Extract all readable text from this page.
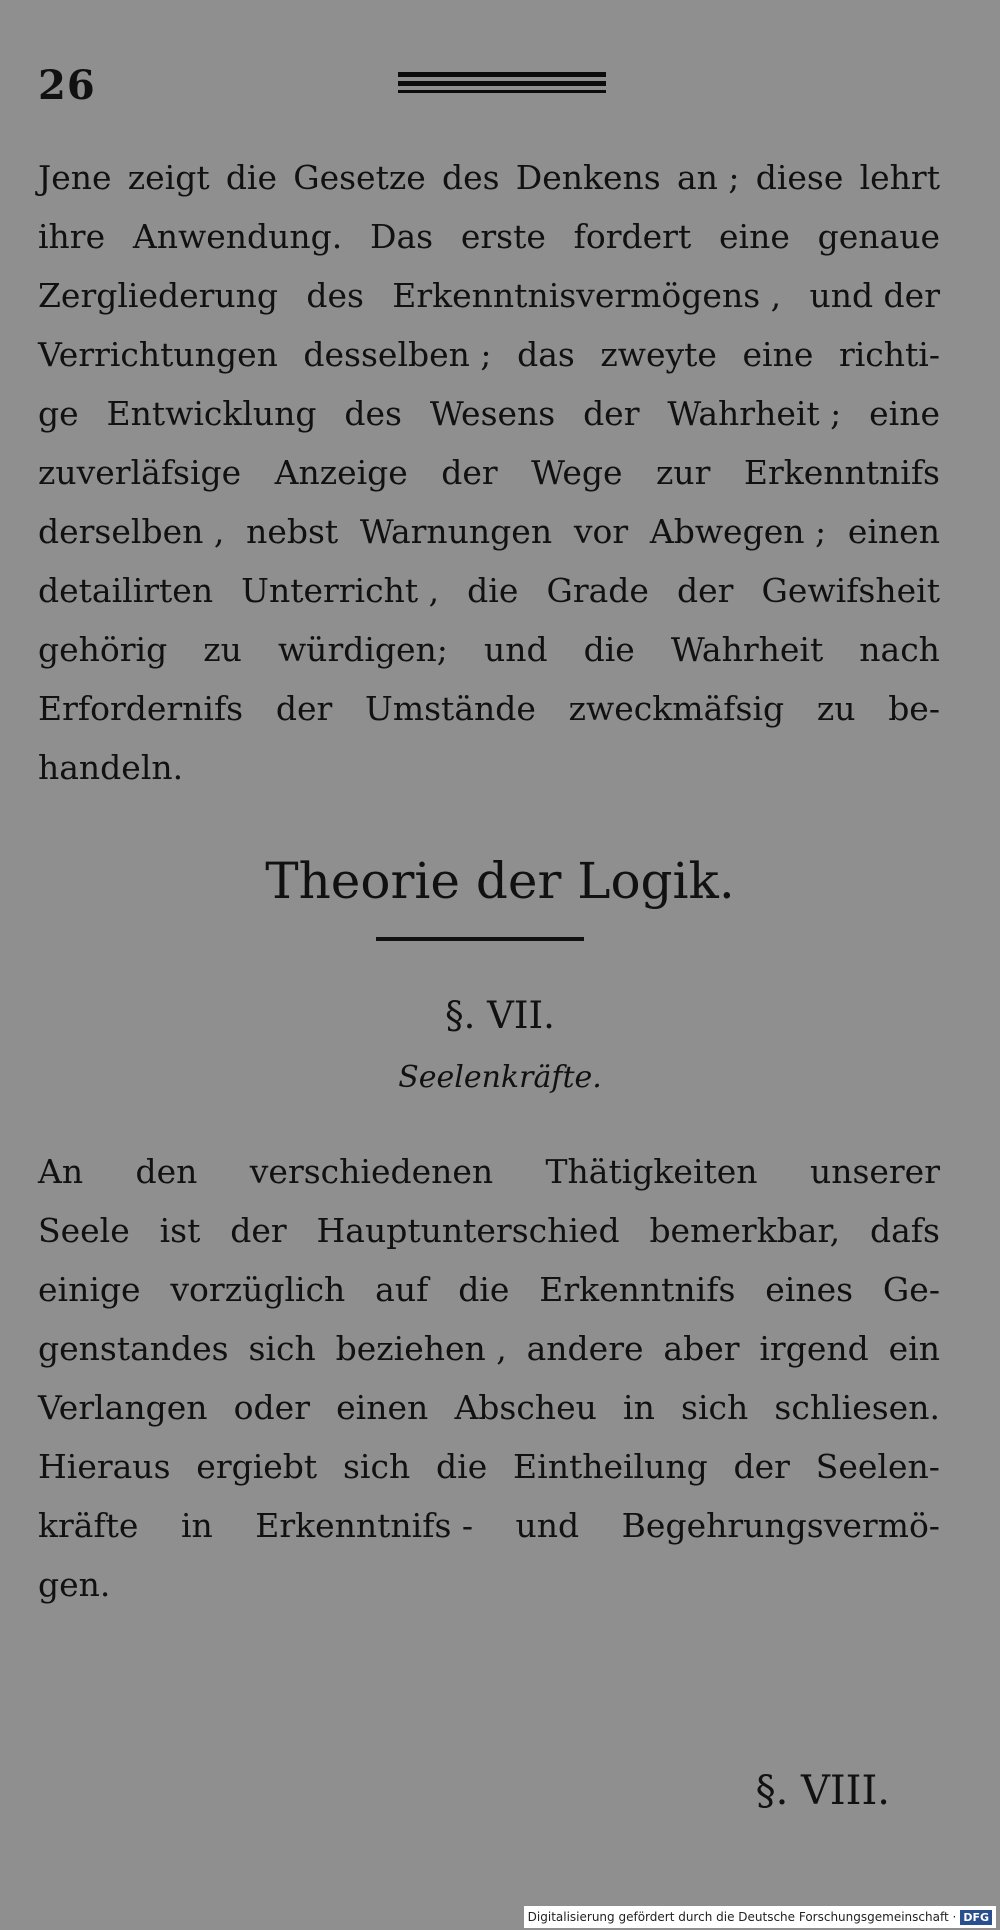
26
Jene zeigt die Gesetze des Denkens an ; diese lehrt
ihre Anwendung. Das erste fordert eine genaue
Zergliederung des Erkenntnisvermögens , und der
Verrichtungen desselben ; das zweyte eine richti-
ge Entwicklung des Wesens der Wahrheit ; eine
zuverläfsige Anzeige der Wege zur Erkenntnifs
derselben , nebst Warnungen vor Abwegen ; einen
detailirten Unterricht , die Grade der Gewifsheit
gehörig zu würdigen; und die Wahrheit nach
Erfordernifs der Umstände zweckmäfsig zu be-
handeln.
Theorie der Logik.
§. VII.
Seelenkräfte.
An den verschiedenen Thätigkeiten unserer
Seele ist der Hauptunterschied bemerkbar, dafs
einige vorzüglich auf die Erkenntnifs eines Ge-
genstandes sich beziehen , andere aber irgend ein
Verlangen oder einen Abscheu in sich schliesen.
Hieraus ergiebt sich die Eintheilung der Seelen-
kräfte in Erkenntnifs - und Begehrungsvermö-
gen.
§. VIII.
Digitalisierung gefördert durch die Deutsche Forschungsgemeinschaft · DFG
